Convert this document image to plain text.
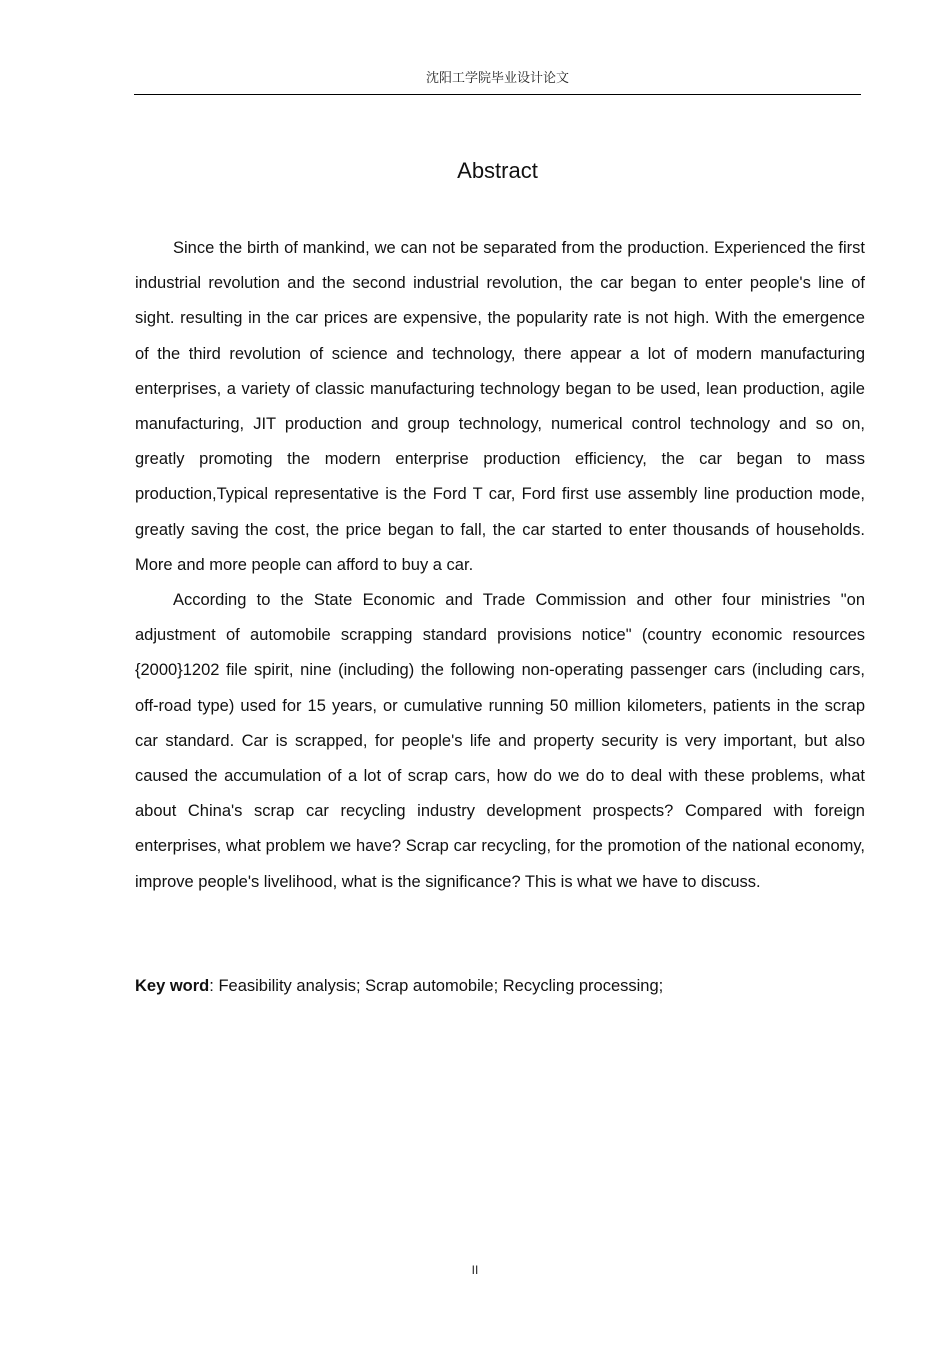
沈阳工学院毕业设计论文
Abstract

Since the birth of mankind, we can not be separated from the production. Experienced the first industrial revolution and the second industrial revolution, the car began to enter people's line of sight. resulting in the car prices are expensive, the popularity rate is not high. With the emergence of the third revolution of science and technology, there appear a lot of modern manufacturing enterprises, a variety of classic manufacturing technology began to be used, lean production, agile manufacturing, JIT production and group technology, numerical control technology and so on, greatly promoting the modern enterprise production efficiency, the car began to mass production,Typical representative is the Ford T car, Ford first use assembly line production mode, greatly saving the cost, the price began to fall, the car started to enter thousands of households. More and more people can afford to buy a car.

According to the State Economic and Trade Commission and other four ministries "on adjustment of automobile scrapping standard provisions notice" (country economic resources {2000}1202 file spirit, nine (including) the following non-operating passenger cars (including cars, off-road type) used for 15 years, or cumulative running 50 million kilometers, patients in the scrap car standard. Car is scrapped, for people's life and property security is very important, but also caused the accumulation of a lot of scrap cars, how do we do to deal with these problems, what about China's scrap car recycling industry development prospects? Compared with foreign enterprises, what problem we have? Scrap car recycling, for the promotion of the national economy, improve people's livelihood, what is the significance? This is what we have to discuss.

Key word: Feasibility analysis; Scrap automobile; Recycling processing;
II
